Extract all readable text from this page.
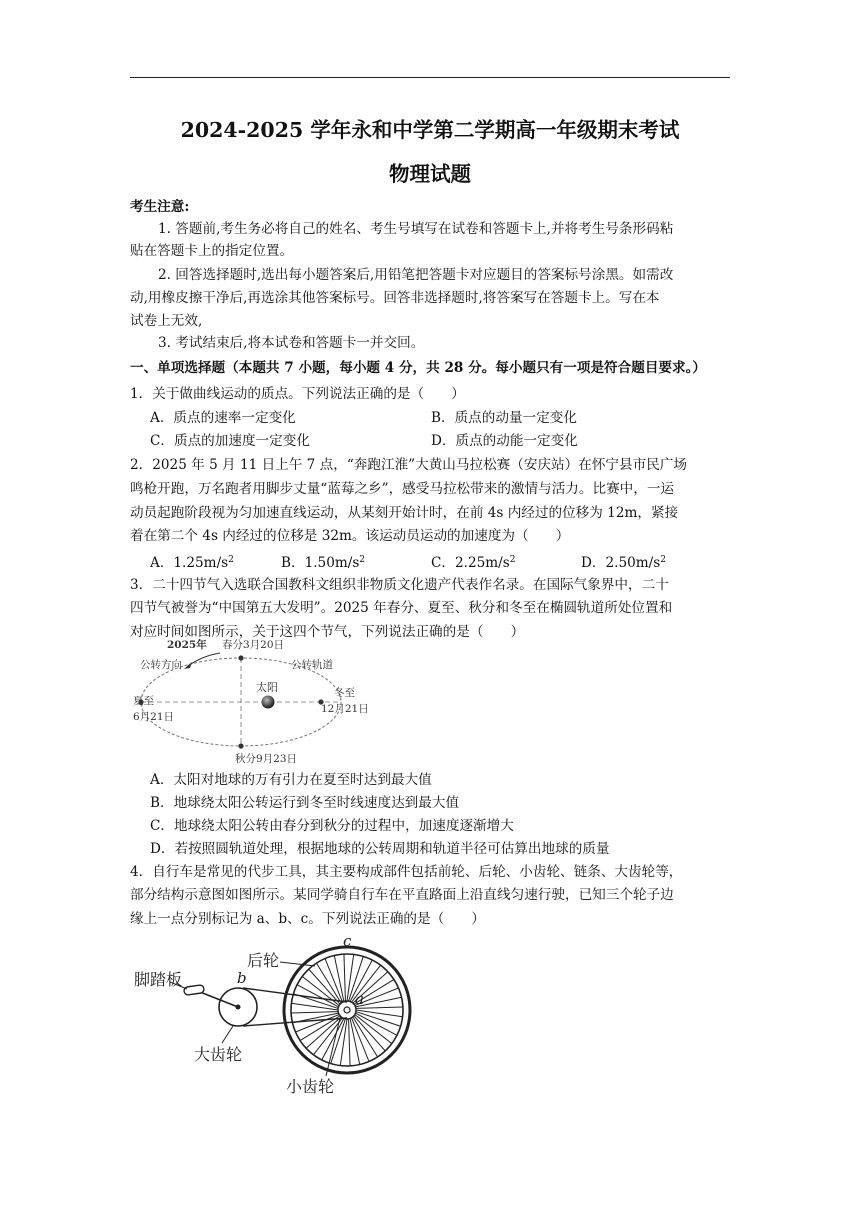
2024-2025 学年永和中学第二学期高一年级期末考试
物理试题
考生注意:
1. 答题前,考生务必将自己的姓名、考生号填写在试卷和答题卡上,并将考生号条形码粘
贴在答题卡上的指定位置。
2. 回答选择题时,选出每小题答案后,用铅笔把答题卡对应题目的答案标号涂黑。如需改
动,用橡皮擦干净后,再选涂其他答案标号。回答非选择题时,将答案写在答题卡上。写在本
试卷上无效,
3. 考试结束后,将本试卷和答题卡一并交回。
一、单项选择题（本题共 7 小题，每小题 4 分，共 28 分。每小题只有一项是符合题目要求。）
1．关于做曲线运动的质点。下列说法正确的是（　　）
A．质点的速率一定变化	B．质点的动量一定变化
C．质点的加速度一定变化	D．质点的动能一定变化
2．2025 年 5 月 11 日上午 7 点，“奔跑江淮”大黄山马拉松赛（安庆站）在怀宁县市民广场
鸣枪开跑，万名跑者用脚步丈量“蓝莓之乡”，感受马拉松带来的激情与活力。比赛中，一运
动员起跑阶段视为匀加速直线运动，从某刻开始计时，在前 4s 内经过的位移为 12m，紧接
着在第二个 4s 内经过的位移是 32m。该运动员运动的加速度为（　　）
A．$1.25m/s^2$	B．$1.50m/s^2$	C．$2.25m/s^2$	D．$2.50m/s^2$
3．二十四节气入选联合国教科文组织非物质文化遗产代表作名录。在国际气象界中，二十
四节气被誉为“中国第五大发明”。2025 年春分、夏至、秋分和冬至在椭圆轨道所处位置和
对应时间如图所示，关于这四个节气，下列说法正确的是（　　）
2025年 春分3月20日
公转方向	公转轨道
太阳
夏至
6月21日
冬至
12月21日
秋分9月23日
A．太阳对地球的万有引力在夏至时达到最大值
B．地球绕太阳公转运行到冬至时线速度达到最大值
C．地球绕太阳公转由春分到秋分的过程中，加速度逐渐增大
D．若按照圆轨道处理，根据地球的公转周期和轨道半径可估算出地球的质量
4．自行车是常见的代步工具，其主要构成部件包括前轮、后轮、小齿轮、链条、大齿轮等，
部分结构示意图如图所示。某同学骑自行车在平直路面上沿直线匀速行驶，已知三个轮子边
缘上一点分别标记为 a、b、c。下列说法正确的是（　　）
后轮
c
b
a
脚踏板
大齿轮
小齿轮
